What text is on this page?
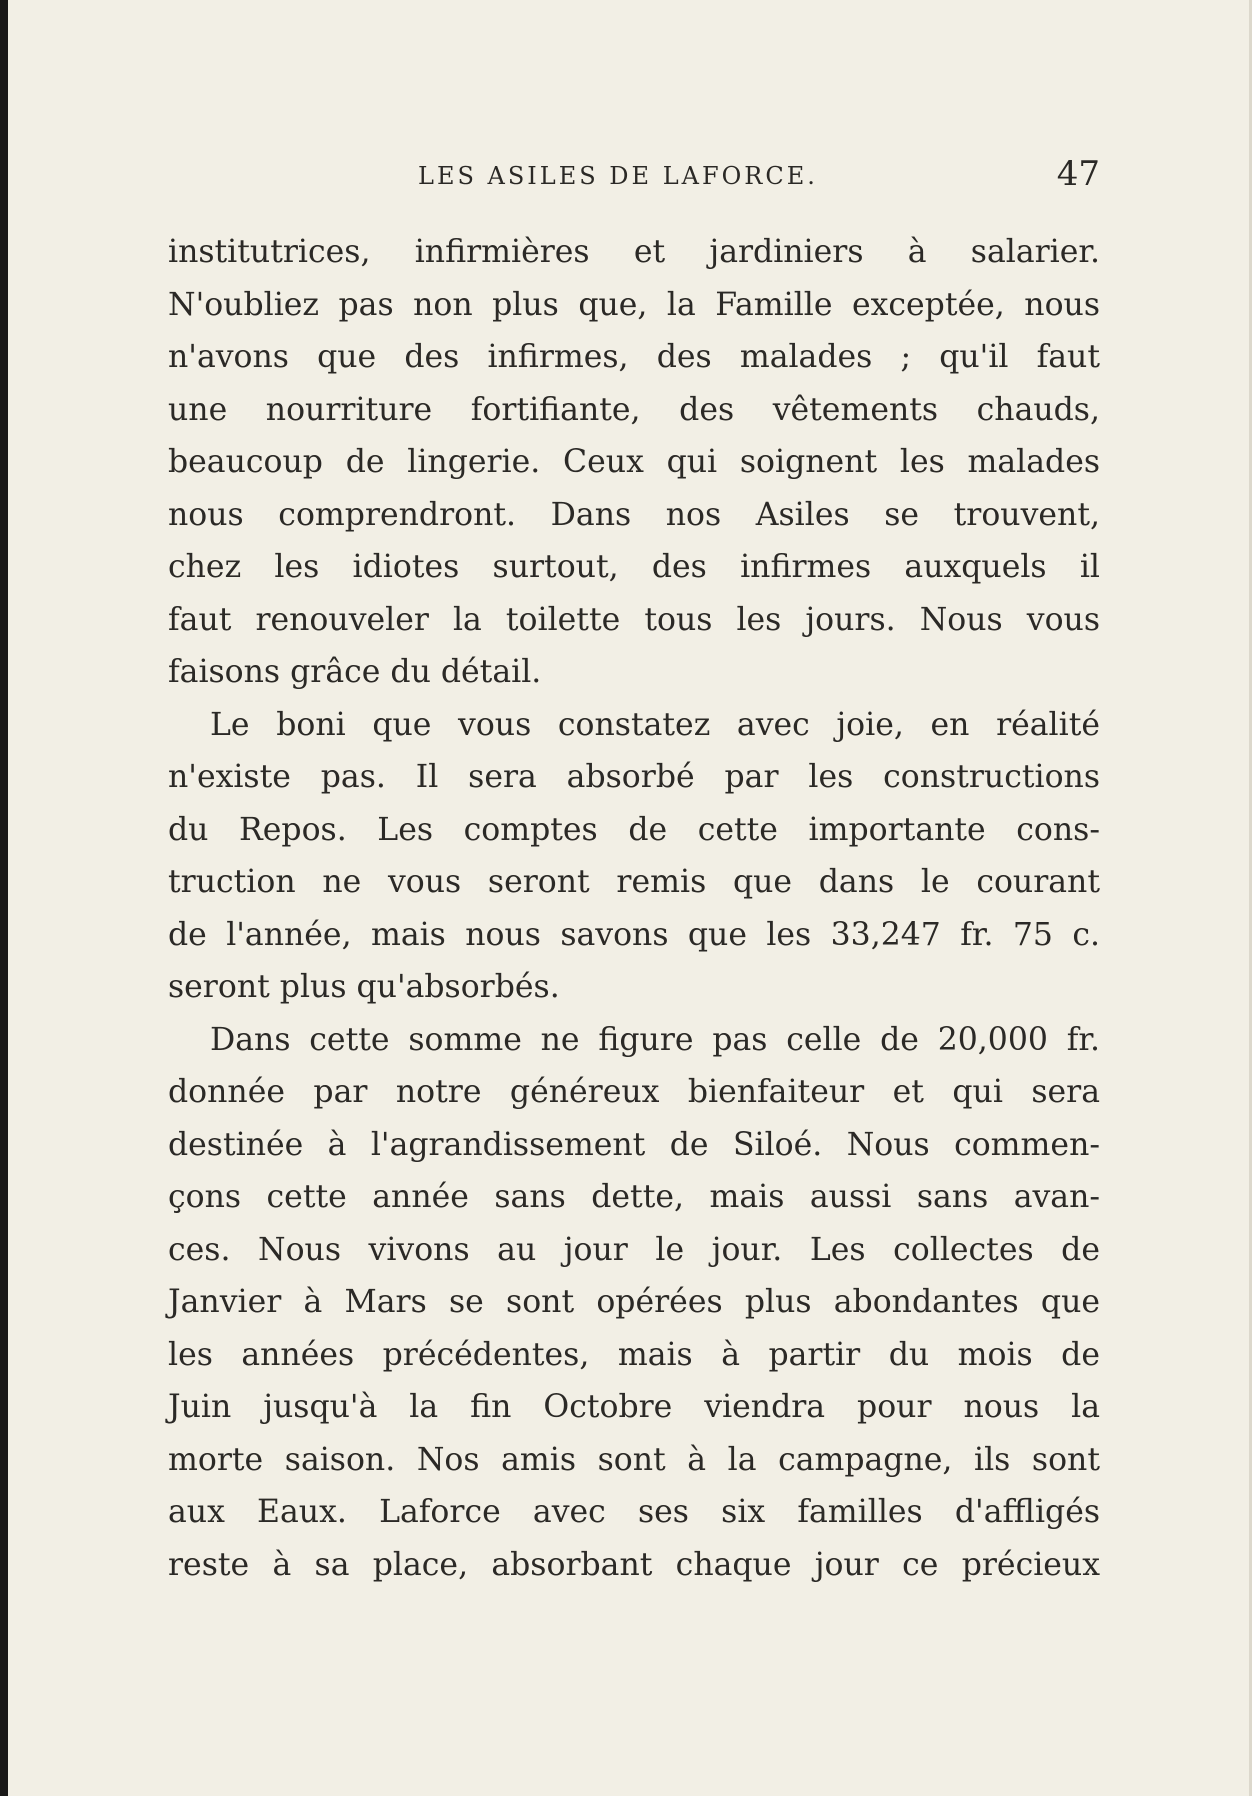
LES ASILES DE LAFORCE.	47
institutrices, infirmières et jardiniers à salarier.
N'oubliez pas non plus que, la Famille exceptée, nous
n'avons que des infirmes, des malades ; qu'il faut
une nourriture fortifiante, des vêtements chauds,
beaucoup de lingerie. Ceux qui soignent les malades
nous comprendront. Dans nos Asiles se trouvent,
chez les idiotes surtout, des infirmes auxquels il
faut renouveler la toilette tous les jours. Nous vous
faisons grâce du détail.
Le boni que vous constatez avec joie, en réalité
n'existe pas. Il sera absorbé par les constructions
du Repos. Les comptes de cette importante cons-
truction ne vous seront remis que dans le courant
de l'année, mais nous savons que les 33,247 fr. 75 c.
seront plus qu'absorbés.
Dans cette somme ne figure pas celle de 20,000 fr.
donnée par notre généreux bienfaiteur et qui sera
destinée à l'agrandissement de Siloé. Nous commen-
çons cette année sans dette, mais aussi sans avan-
ces. Nous vivons au jour le jour. Les collectes de
Janvier à Mars se sont opérées plus abondantes que
les années précédentes, mais à partir du mois de
Juin jusqu'à la fin Octobre viendra pour nous la
morte saison. Nos amis sont à la campagne, ils sont
aux Eaux. Laforce avec ses six familles d'affligés
reste à sa place, absorbant chaque jour ce précieux
